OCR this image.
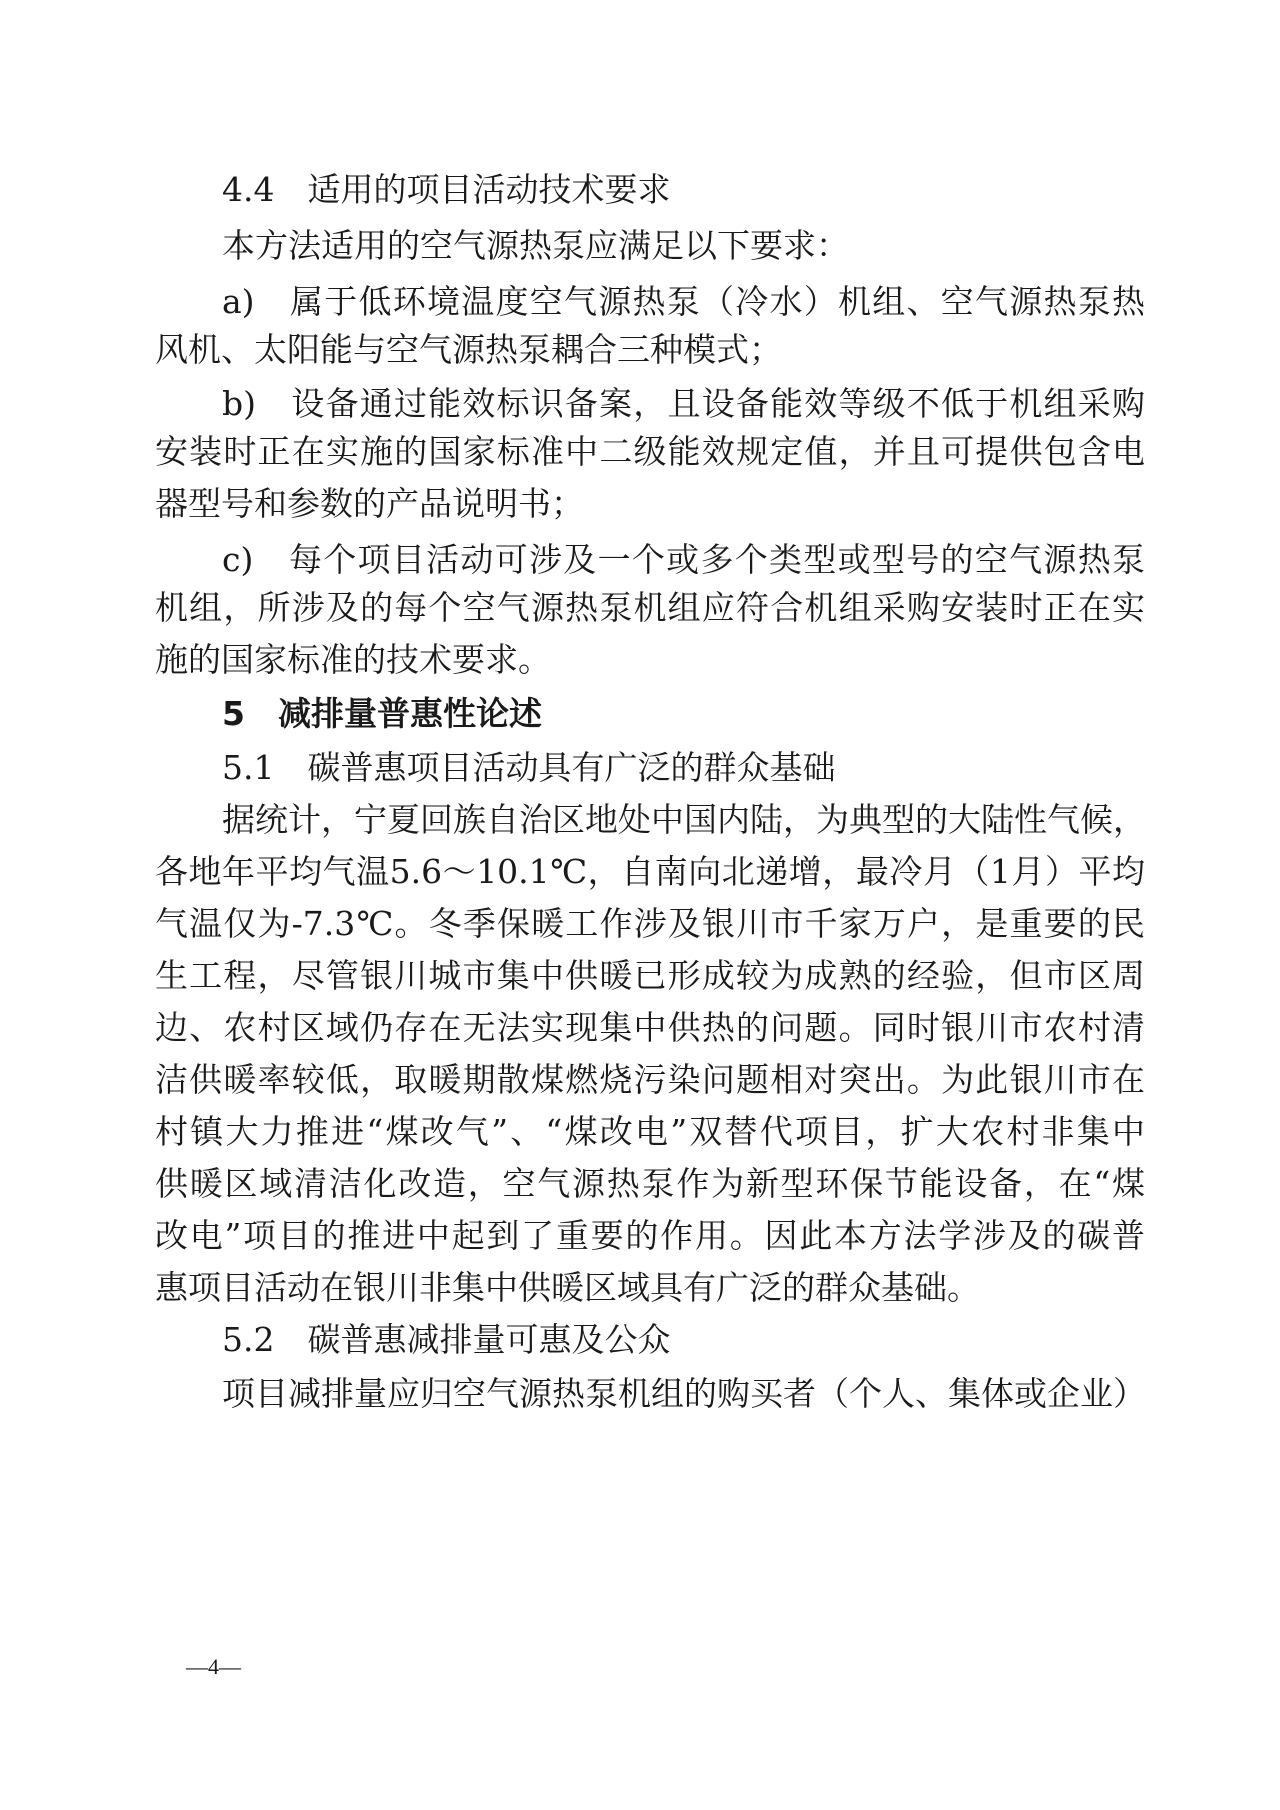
4.4　适用的项目活动技术要求
本方法适用的空气源热泵应满足以下要求：
a)　属于低环境温度空气源热泵（冷水）机组、空气源热泵热
风机、太阳能与空气源热泵耦合三种模式；
b)　设备通过能效标识备案，且设备能效等级不低于机组采购
安装时正在实施的国家标准中二级能效规定值，并且可提供包含电
器型号和参数的产品说明书；
c)　每个项目活动可涉及一个或多个类型或型号的空气源热泵
机组，所涉及的每个空气源热泵机组应符合机组采购安装时正在实
施的国家标准的技术要求。
5　减排量普惠性论述
5.1　碳普惠项目活动具有广泛的群众基础
据统计，宁夏回族自治区地处中国内陆，为典型的大陆性气候，
各地年平均气温5.6～10.1℃，自南向北递增，最冷月（1月）平均
气温仅为-7.3℃。冬季保暖工作涉及银川市千家万户，是重要的民
生工程，尽管银川城市集中供暖已形成较为成熟的经验，但市区周
边、农村区域仍存在无法实现集中供热的问题。同时银川市农村清
洁供暖率较低，取暖期散煤燃烧污染问题相对突出。为此银川市在
村镇大力推进“煤改气”、“煤改电”双替代项目，扩大农村非集中
供暖区域清洁化改造，空气源热泵作为新型环保节能设备，在“煤
改电”项目的推进中起到了重要的作用。因此本方法学涉及的碳普
惠项目活动在银川非集中供暖区域具有广泛的群众基础。
5.2　碳普惠减排量可惠及公众
项目减排量应归空气源热泵机组的购买者（个人、集体或企业）
—4—
